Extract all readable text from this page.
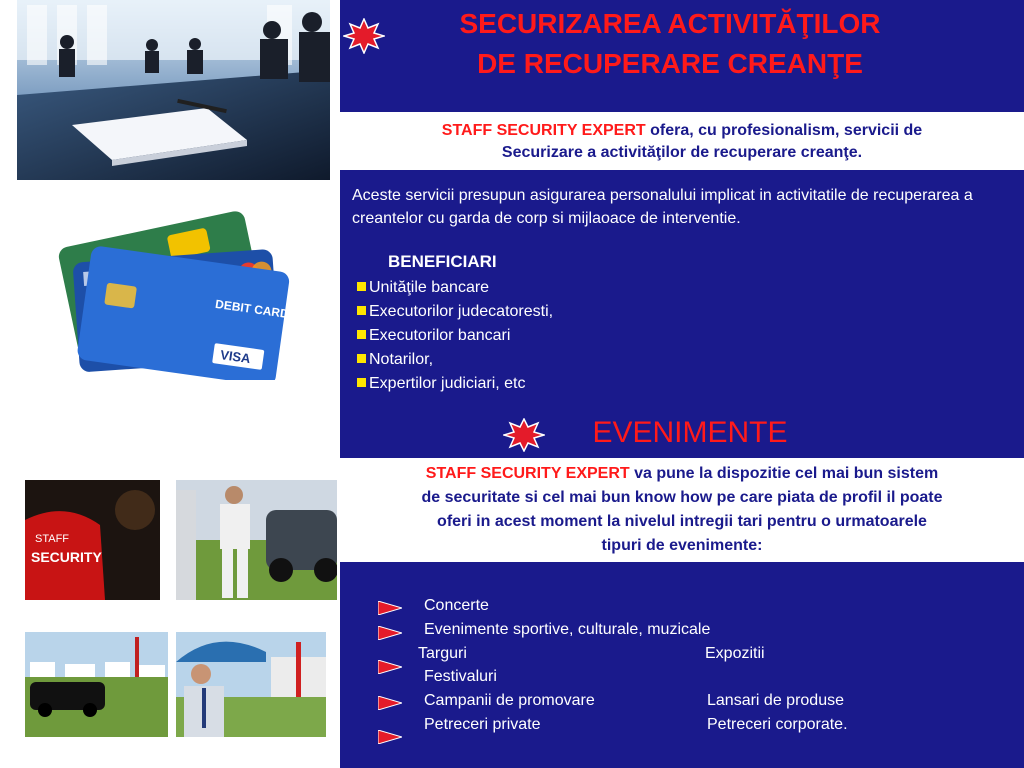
DEBIT CARD
VISA
STAFF
SECURITY
SECURIZAREA ACTIVITĂŢILOR
DE RECUPERARE CREANŢE
STAFF SECURITY EXPERT ofera, cu profesionalism, servicii de
Securizare a activităţilor de recuperare creanţe.
Aceste servicii presupun asigurarea personalului implicat in activitatile de recuperarea a creantelor cu garda de corp si mijlaoace de interventie.
BENEFICIARI
Unităţile bancare
Executorilor judecatoresti,
Executorilor bancari
Notarilor,
Expertilor judiciari, etc
EVENIMENTE
STAFF SECURITY EXPERT va pune la dispozitie cel mai bun sistem
de securitate si cel mai bun know how pe care piata de profil il poate
oferi in acest moment la nivelul intregii tari pentru o urmatoarele
tipuri de evenimente:
Concerte
Evenimente sportive, culturale, muzicale
Targuri	Expozitii
Festivaluri
Campanii de promovare	Lansari de produse
Petreceri private	Petreceri corporate.
